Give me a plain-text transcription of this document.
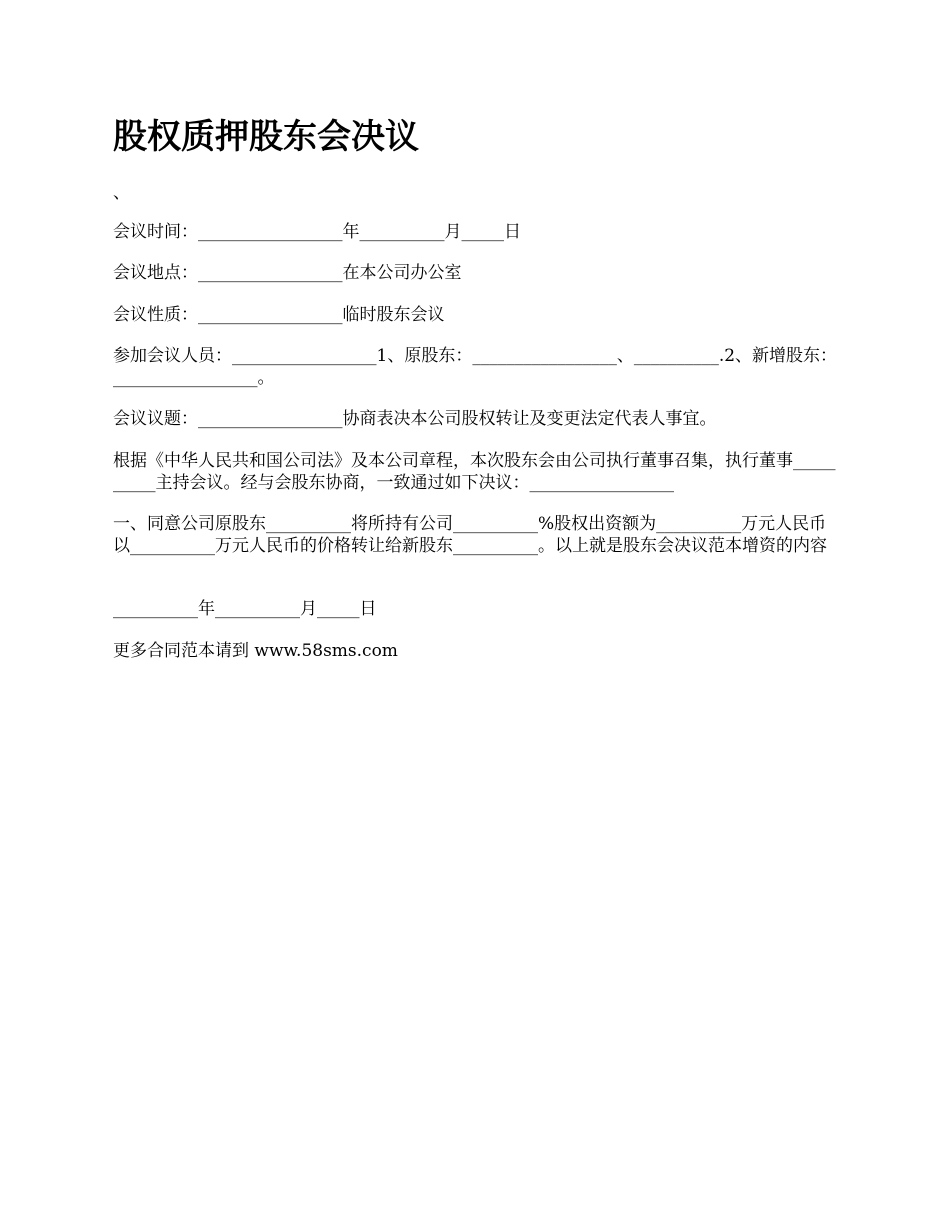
股权质押股东会决议

、

会议时间：_________________年__________月_____日

会议地点：_________________在本公司办公室

会议性质：_________________临时股东会议

参加会议人员：_________________1、原股东：_________________、__________.2、新增股东：_________________。

会议议题：_________________协商表决本公司股权转让及变更法定代表人事宜。

根据《中华人民共和国公司法》及本公司章程，本次股东会由公司执行董事召集，执行董事__________主持会议。经与会股东协商，一致通过如下决议：_________________

一、同意公司原股东__________将所持有公司__________%股权出资额为__________万元人民币以__________万元人民币的价格转让给新股东__________。以上就是股东会决议范本增资的内容

__________年__________月_____日

更多合同范本请到 www.58sms.com
